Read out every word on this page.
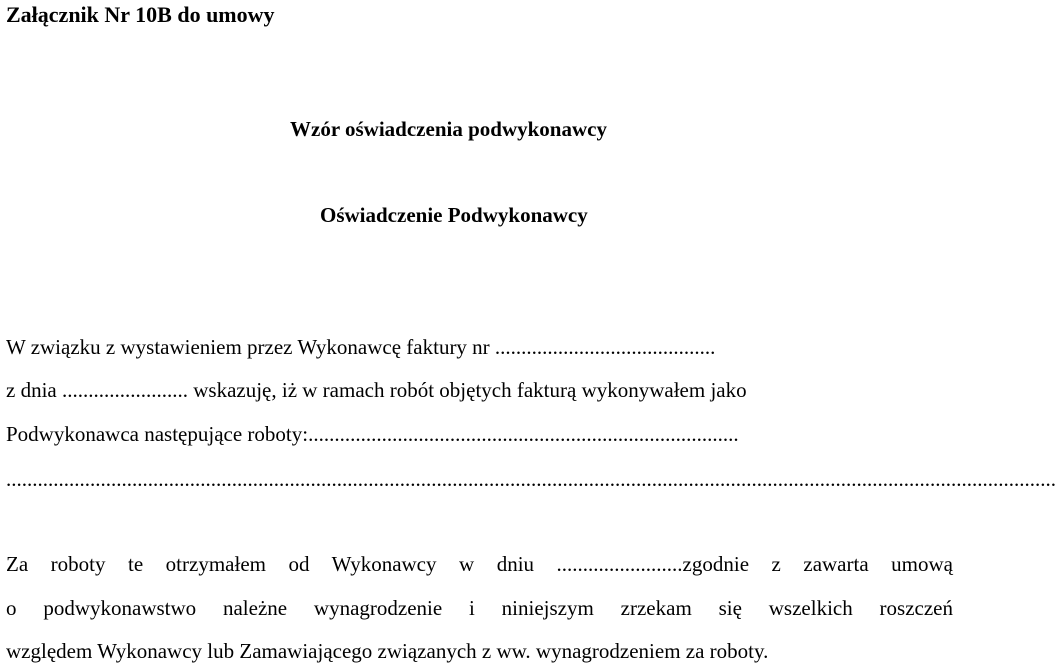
Załącznik Nr 10B do umowy
Wzór oświadczenia podwykonawcy
Oświadczenie Podwykonawcy
W związku z wystawieniem przez Wykonawcę faktury nr ..........................................
z dnia ........................ wskazuję, iż w ramach robót objętych fakturą wykonywałem jako
Podwykonawca następujące roboty:..................................................................................
........................................................................................................................................................................................................
Za roboty te otrzymałem od Wykonawcy w dniu ........................zgodnie z zawarta umową
o podwykonawstwo należne wynagrodzenie i niniejszym zrzekam się wszelkich roszczeń
względem Wykonawcy lub Zamawiającego związanych z ww. wynagrodzeniem za roboty.
